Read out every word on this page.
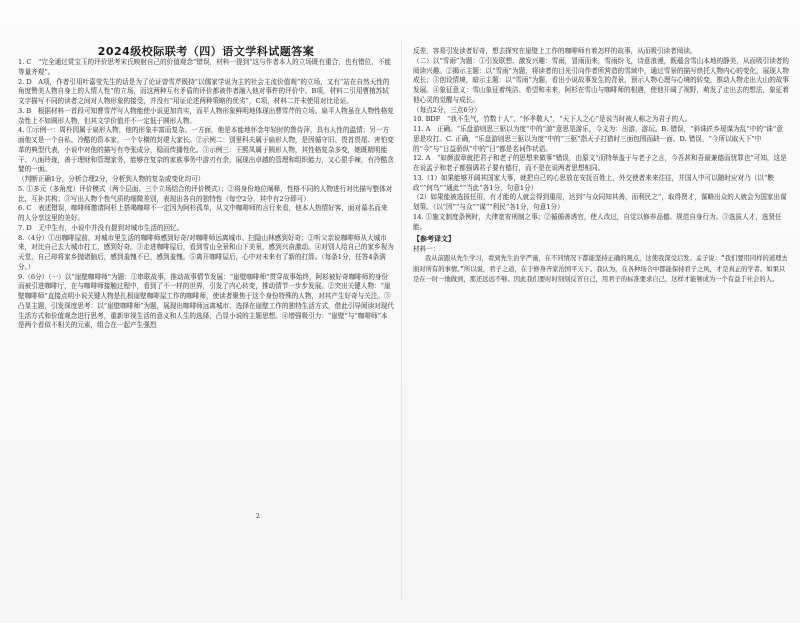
2024级校际联考（四）语文学科试题答案

1. C　“完全通过赏宝玉的评价思考宋氏映射自己的价值观念”错误，材料一提到“这与作者本人的立场既有重合，也有错位，不能等量齐观”。

2. D　A项，作者引用叶嘉莹先生的话是为了论证曾雪芹既持“以儒家学说为主的社会主流价值观”的立场，又有“站在自然天性的角度赞美人物自身上的人情人性”的立场，而这两种互有矛盾的评价都被作者融入他对事件的评价中。B项，材料二引用曹植苏轼文字描写不同的读者之间对人物形象的接受，并没有“用证论述两种策略的优劣”，C项，材料二并未使用对比论证。

3. B　根据材料一首段可知曹雪芹写人物能使小说更加真实，而平人物形象鲜明地体现出曹雪芹的立场。扁平人物虽在人物性格复杂性上不如圆形人物，但其文学价值并不一定低于圆形人物。

4. ①示例一：周朴园属于扁形人物，他的形象丰富而复杂。一方面，他是本能地怀念年轻时的鲁侍萍，具有人性的温情；另一方面他又是一个自私、冷酷的资本家，一个专横的封建大家长。②示例二：别里科夫属于扁形人物，是因循守旧、畏首畏尾、害怕变革的典型代表，小说中对他的描写有夸张成分，稳而传播性化。③示例三：王熙凤属于圆形人物，其性格复杂多变，她既精明能干、八面玲珑，善于理财和管理家务，能够在复杂的家族事务中游刃有余，展现出卓越的管理和组织能力，又心狠手辣，有冷酷贪婪的一面。

（判断正确1分，分析合理2分，分析到人物的复杂或变化均可）

5. ①多元（多角度）评价模式（两个层面、三个立场结合的评价模式）；②将身份地位阐释，性格不同的人物进行对比描写整体对比，互补共构；③写出人物个性气质的细微差别，表现出各自的独特性（每空2分，其中有2分即可）

6. C　表述错误，咖啡师邀请阿杉上搭喝咖啡不一定因为阿杉孤单，从文中咖啡师的言行来看，他本人热情好客，面对慕名而来的人分享这里的美好。

7. D　无中生有，小说中并没有提到对城市生活的回忆。

8.（4分）①出咖啡屋前，对城市里生活的咖啡师感到好奇/对咖啡师远离城市、扫隐山林感到好奇；②听父亲说咖啡师从大城市来，对比自己去大城市打工，感到好奇。③走进咖啡屋后，看到雪山全景和山下美景，感到兴奋激动。④对别人给自己的家乡视为天堂，自己却将家乡抛诸脑后，感到羞愧不已，感到羞愧。⑤离开咖啡屋后，心中对未来有了新的打算。（每条1分，任答4条满分。）

9.（6分）（一）以“崖壁咖啡师”为题：①串联故事，推动故事情节发展：“崖壁咖啡师”贯穿故事始终，阿杉被好奇咖啡师的身份而被引进咖啡厅，在与咖啡师接触过程中，看到了不一样的世界，引发了内心转变，推动情节一步步发展。②突出关键人物：“崖壁咖啡师”直接点明小说关键人物是扎根崖壁咖啡屋工作的咖啡师，使读者聚焦于这个身份特殊的人物，对其产生好奇与关注。③凸显主题，引发深度思考：以“崖壁咖啡师”为题，展现出咖啡师远离城市、选择在崖壁工作的独特生活方式，借此引导阅读对现代生活方式和价值观念进行思考，重新审视生活的意义和人生的选择，凸显小说的主题思想。④增强吸引力：“崖壁”与“咖啡师”本是两个看似不相关的元素，组合在一起产生强烈

2

反差，容易引发读者好奇，想去探究在崖壁上工作的咖啡师有着怎样的故事，从而吸引读者阅读。

（二）以“雪雨”为题：①引发联想、激发兴趣：雪雨，冒雨而来，雪雨纷飞，诗意浪漫，既蕴含雪山本地的静美，从而吸引读者的阅读兴趣。②揭示主题：以“雪雨”为题，将读者的目光引向作者所营造的雪域中，通过雪景的描写烘托人物内心的变化，展现人物成长；③创设情境，暗示主题：以“雪雨”为题，看出小说故事发生的背景，预示人物心理与心境的转变，推动人物走出大山的故事发展。④象征意义：雪山象征着纯洁、希望和未来，阿杉在雪山与咖啡师的相遇，使他开阔了视野，萌发了走出去的想法，象征着他心灵的觉醒与成长。

（每点2分，三点6分）

10. BDF　“我不生气，竹数十人”，“怀孝敬人”，“天下人之心”是说当时被人称之为君子的人。

11. A　正确。“乐盘游则思三驱以为度”中的“游”意思是游乐，今义为：出游，游玩。B. 错误，“斜诛匠乡瑷谋为乱”中的“诛”意思是攻打。C. 正确，“乐盘游则思三驱以为度”中的“三驱”指天子打猎时三面包围而缺一面。D. 错误，“今所以取天下”中的“今”与“日益骄纵”中的“日”都是名词作状语。

12. A　“如颜淑章就把君子和老子的思想来做事”错误，由原文“而特举盖于与老子之言，今吾甚和吾最兼德而忧罪也”可知，这是在说孟子和老子都强调君子要有德行，而不是在说两者思想相同。

13.（1）如果能够开阔其国家大事，就把自己的心思放在安抚百姓上，外交使者来来往往，并国人中可以随时应对乃（以“鞅政”“何鸟”“通此”“当此”各1分，句意1分）

（2）如果能被选拔任用，有才能的人就会得到重用，达到“与众同知其善，而利民之”，取得贤才，谋略出众的人就会为国家出谋划策。（以“因”“与众”“谋”“利民”各1分，句意1分）

14. ①施文制度条例时，大律宽宥刑制之事；②循循善诱官，使人改过，自觉以修养品德、规范自身行为。③选拔人才，选贤任能。

【参考译文】

材料一：

我从前跟从先生学习，看到先生治学严谨，在不同情况下都能坚持正确的观点，这使我深受启发。孟子说：“我们要用同样的道理去面对所有的事情。”所以说，君子之道，在于修身齐家治国平天下。我认为，在各种场合中都能保持君子之风，才是真正的学者。如果只是在一时一地做到，那还远远不够。因此我们要时时刻刻反省自己，用君子的标准要求自己，这样才能够成为一个有益于社会的人。
